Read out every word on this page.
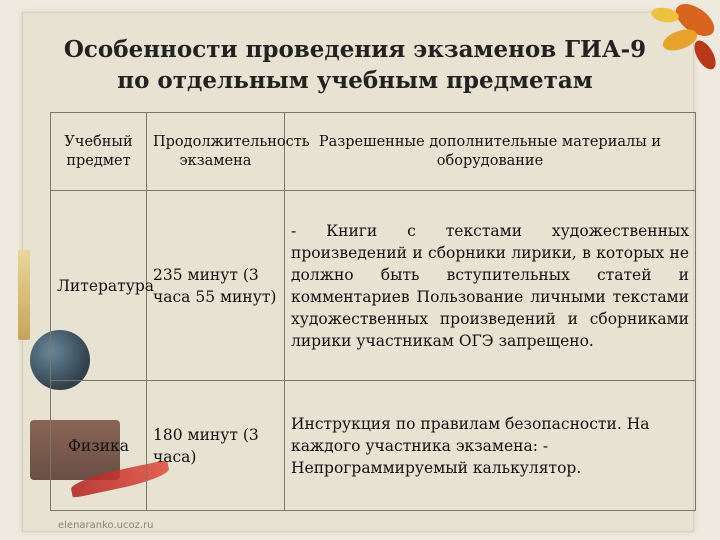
Особенности проведения экзаменов ГИА-9 по отдельным учебным предметам
Учебный предмет	Продолжительность экзамена	Разрешенные дополнительные материалы и оборудование
Литература	235 минут (3 часа 55 минут)	- Книги с текстами художественных произведений и сборники лирики, в которых не должно быть вступительных статей и комментариев Пользование личными текстами художественных произведений и сборниками лирики участникам ОГЭ запрещено.
Физика	180 минут (3 часа)	Инструкция по правилам безопасности. На каждого участника экзамена: - Непрограммируемый калькулятор.
elenaranko.ucoz.ru
